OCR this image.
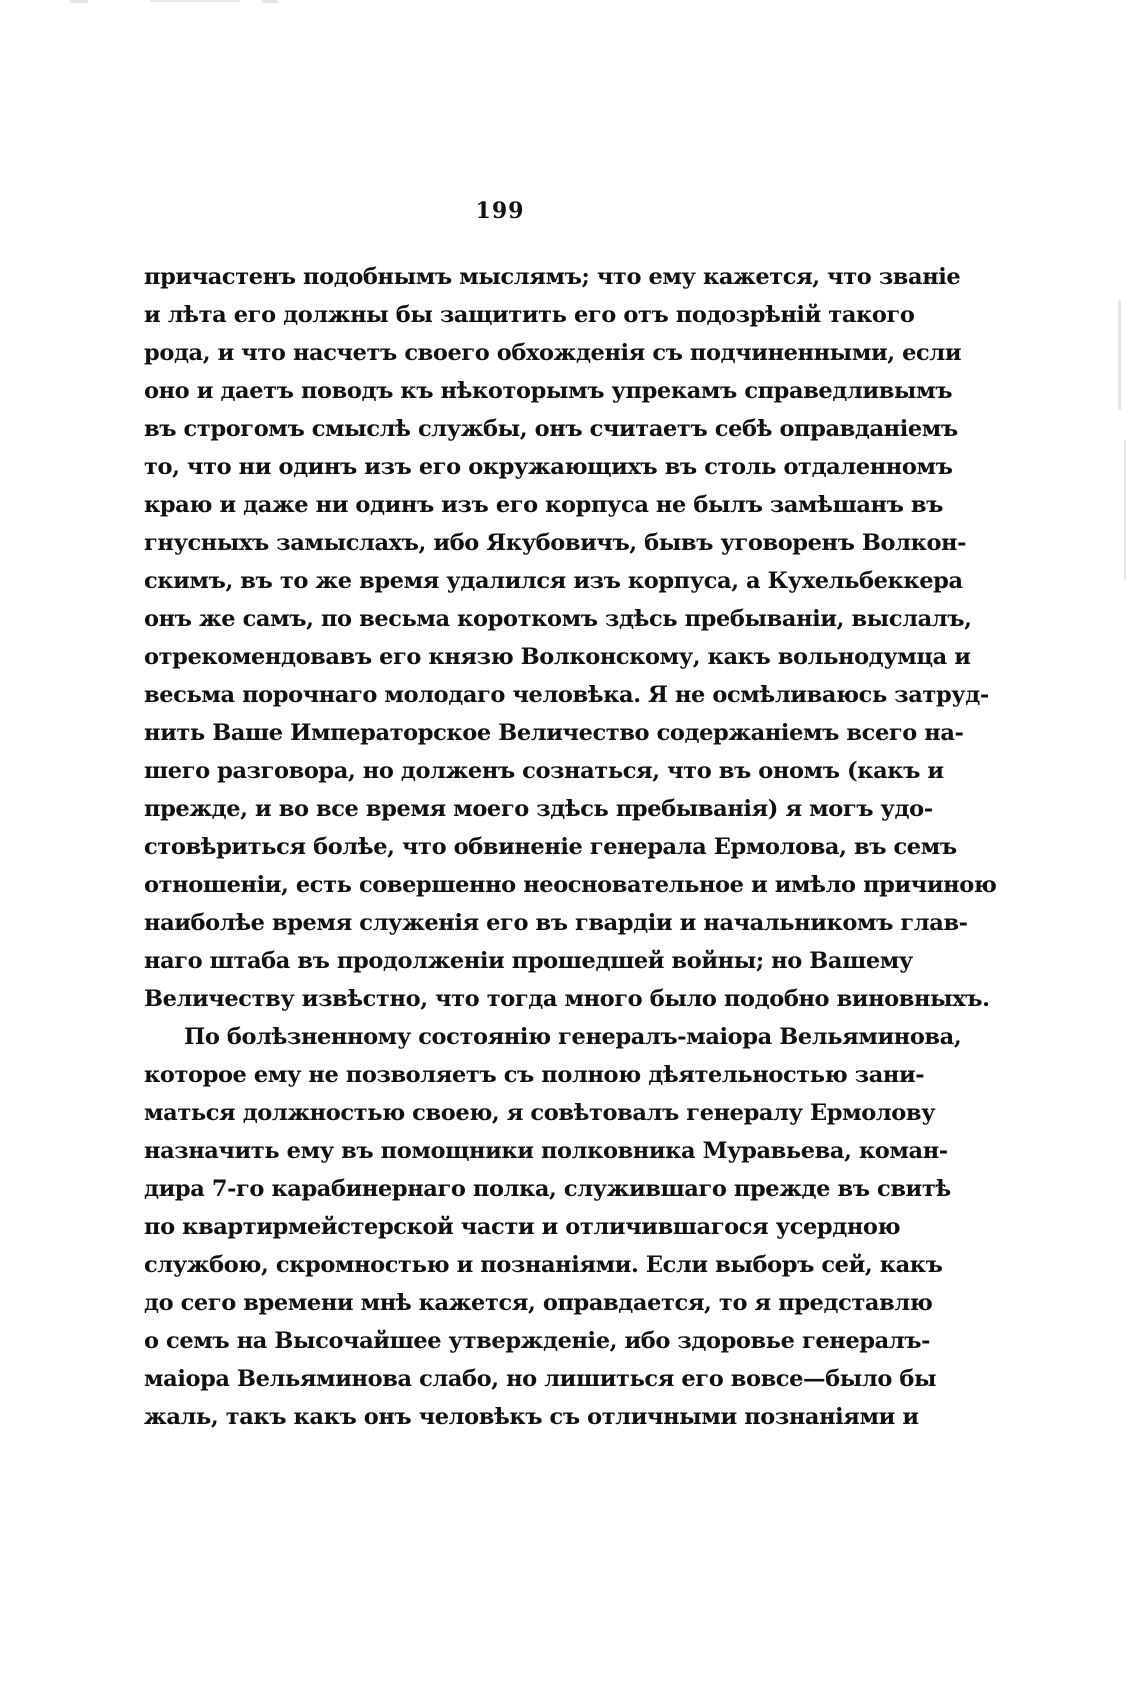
199
причастенъ подобнымъ мыслямъ; что ему кажется, что званіе
и лѣта его должны бы защитить его отъ подозрѣній такого
рода, и что насчетъ своего обхожденія съ подчиненными, если
оно и даетъ поводъ къ нѣкоторымъ упрекамъ справедливымъ
въ строгомъ смыслѣ службы, онъ считаетъ себѣ оправданіемъ
то, что ни одинъ изъ его окружающихъ въ столь отдаленномъ
краю и даже ни одинъ изъ его корпуса не былъ замѣшанъ въ
гнусныхъ замыслахъ, ибо Якубовичъ, бывъ уговоренъ Волкон-
скимъ, въ то же время удалился изъ корпуса, а Кухельбеккера
онъ же самъ, по весьма короткомъ здѣсь пребываніи, выслалъ,
отрекомендовавъ его князю Волконскому, какъ вольнодумца и
весьма порочнаго молодаго человѣка. Я не осмѣливаюсь затруд-
нить Вашe Императорское Величество содержаніемъ всего на-
шего разговора, но долженъ сознаться, что въ ономъ (какъ и
прежде, и во все время моего здѣсь пребыванія) я могъ удо-
стовѣриться болѣе, что обвиненіе генерала Ермолова, въ семъ
отношеніи, есть совершенно неосновательное и имѣло причиною
наиболѣе время служенія его въ гвардіи и начальникомъ глав-
наго штаба въ продолженіи прошедшей войны; но Вашему
Величеству извѣстно, что тогда много было подобно виновныхъ.
По болѣзненному состоянію генералъ-маіора Вельяминова,
которое ему не позволяетъ съ полною дѣятельностью зани-
маться должностью своею, я совѣтовалъ генералу Ермолову
назначить ему въ помощники полковника Муравьева, коман-
дира 7-го карабинернаго полка, служившаго прежде въ свитѣ
по квартирмейстерской части и отличившагося усердною
службою, скромностью и познаніями. Если выборъ сей, какъ
до сего времени мнѣ кажется, оправдается, то я представлю
о семъ на Высочайшее утвержденіе, ибо здоровье генералъ-
маіора Вельяминова слабо, но лишиться его вовсе—было бы
жаль, такъ какъ онъ человѣкъ съ отличными познаніями и
